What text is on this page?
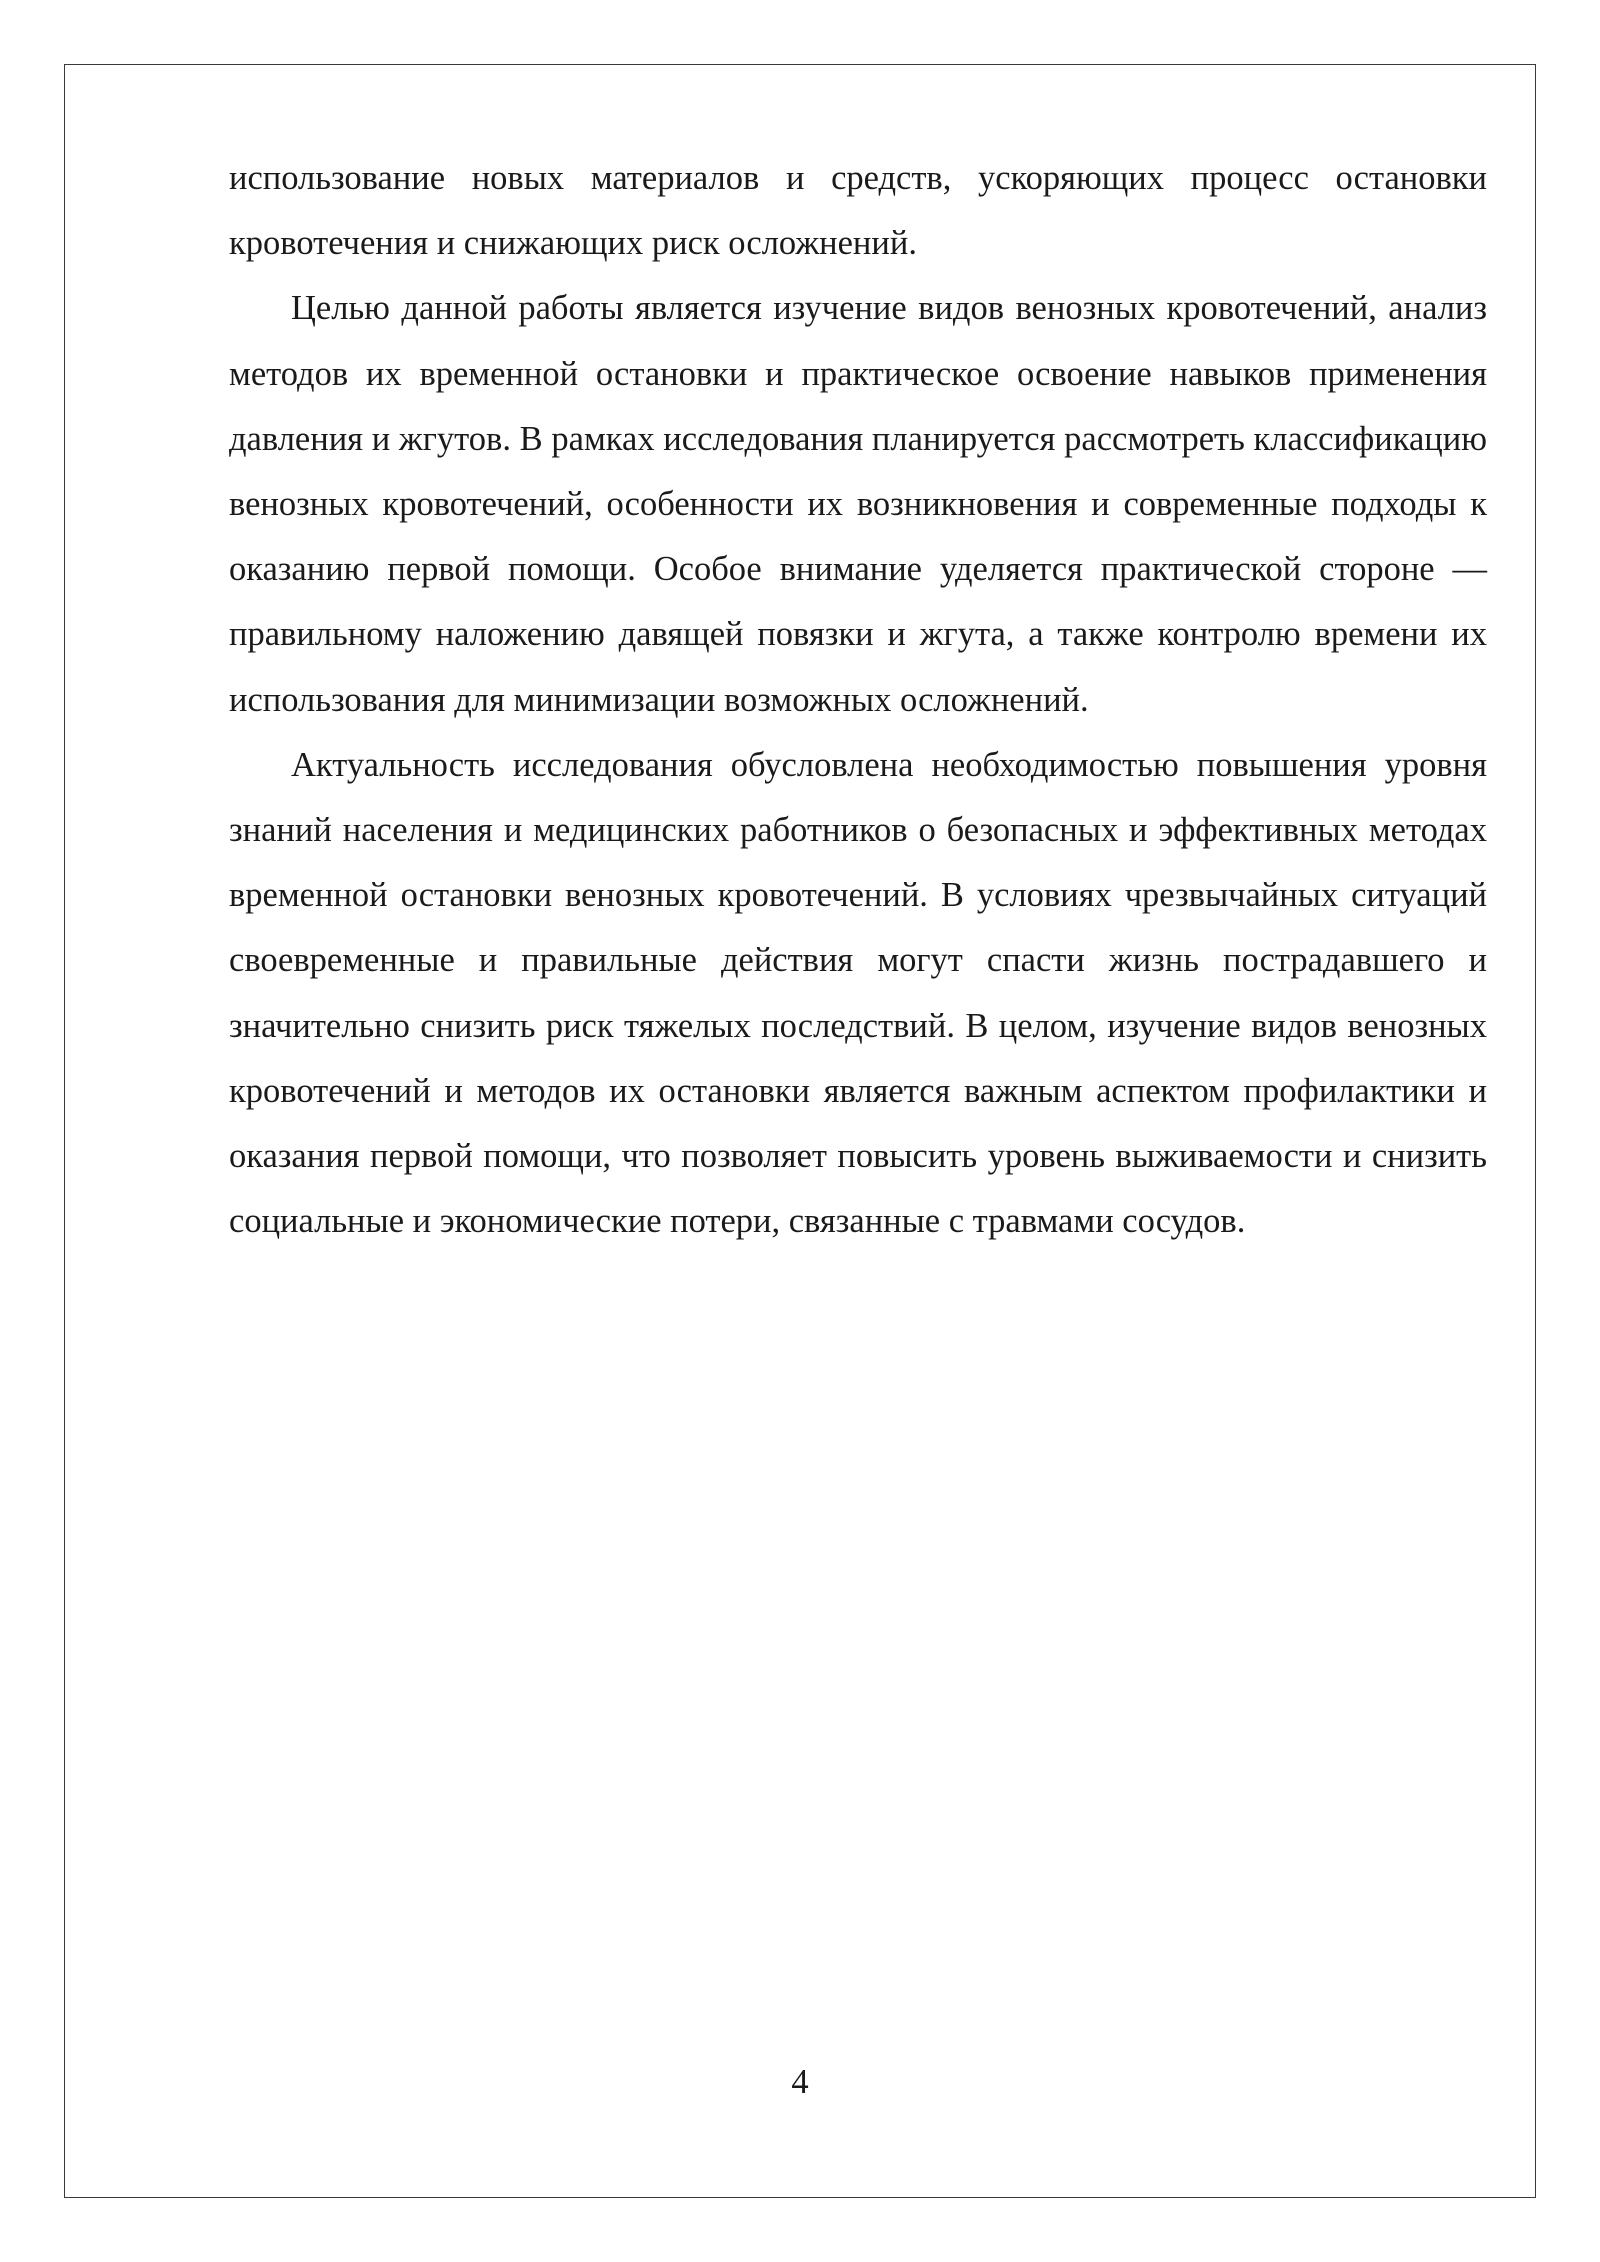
использование новых материалов и средств, ускоряющих процесс остановки кровотечения и снижающих риск осложнений.

Целью данной работы является изучение видов венозных кровотечений, анализ методов их временной остановки и практическое освоение навыков применения давления и жгутов. В рамках исследования планируется рассмотреть классификацию венозных кровотечений, особенности их возникновения и современные подходы к оказанию первой помощи. Особое внимание уделяется практической стороне — правильному наложению давящей повязки и жгута, а также контролю времени их использования для минимизации возможных осложнений.

Актуальность исследования обусловлена необходимостью повышения уровня знаний населения и медицинских работников о безопасных и эффективных методах временной остановки венозных кровотечений. В условиях чрезвычайных ситуаций своевременные и правильные действия могут спасти жизнь пострадавшего и значительно снизить риск тяжелых последствий. В целом, изучение видов венозных кровотечений и методов их остановки является важным аспектом профилактики и оказания первой помощи, что позволяет повысить уровень выживаемости и снизить социальные и экономические потери, связанные с травмами сосудов.

4
